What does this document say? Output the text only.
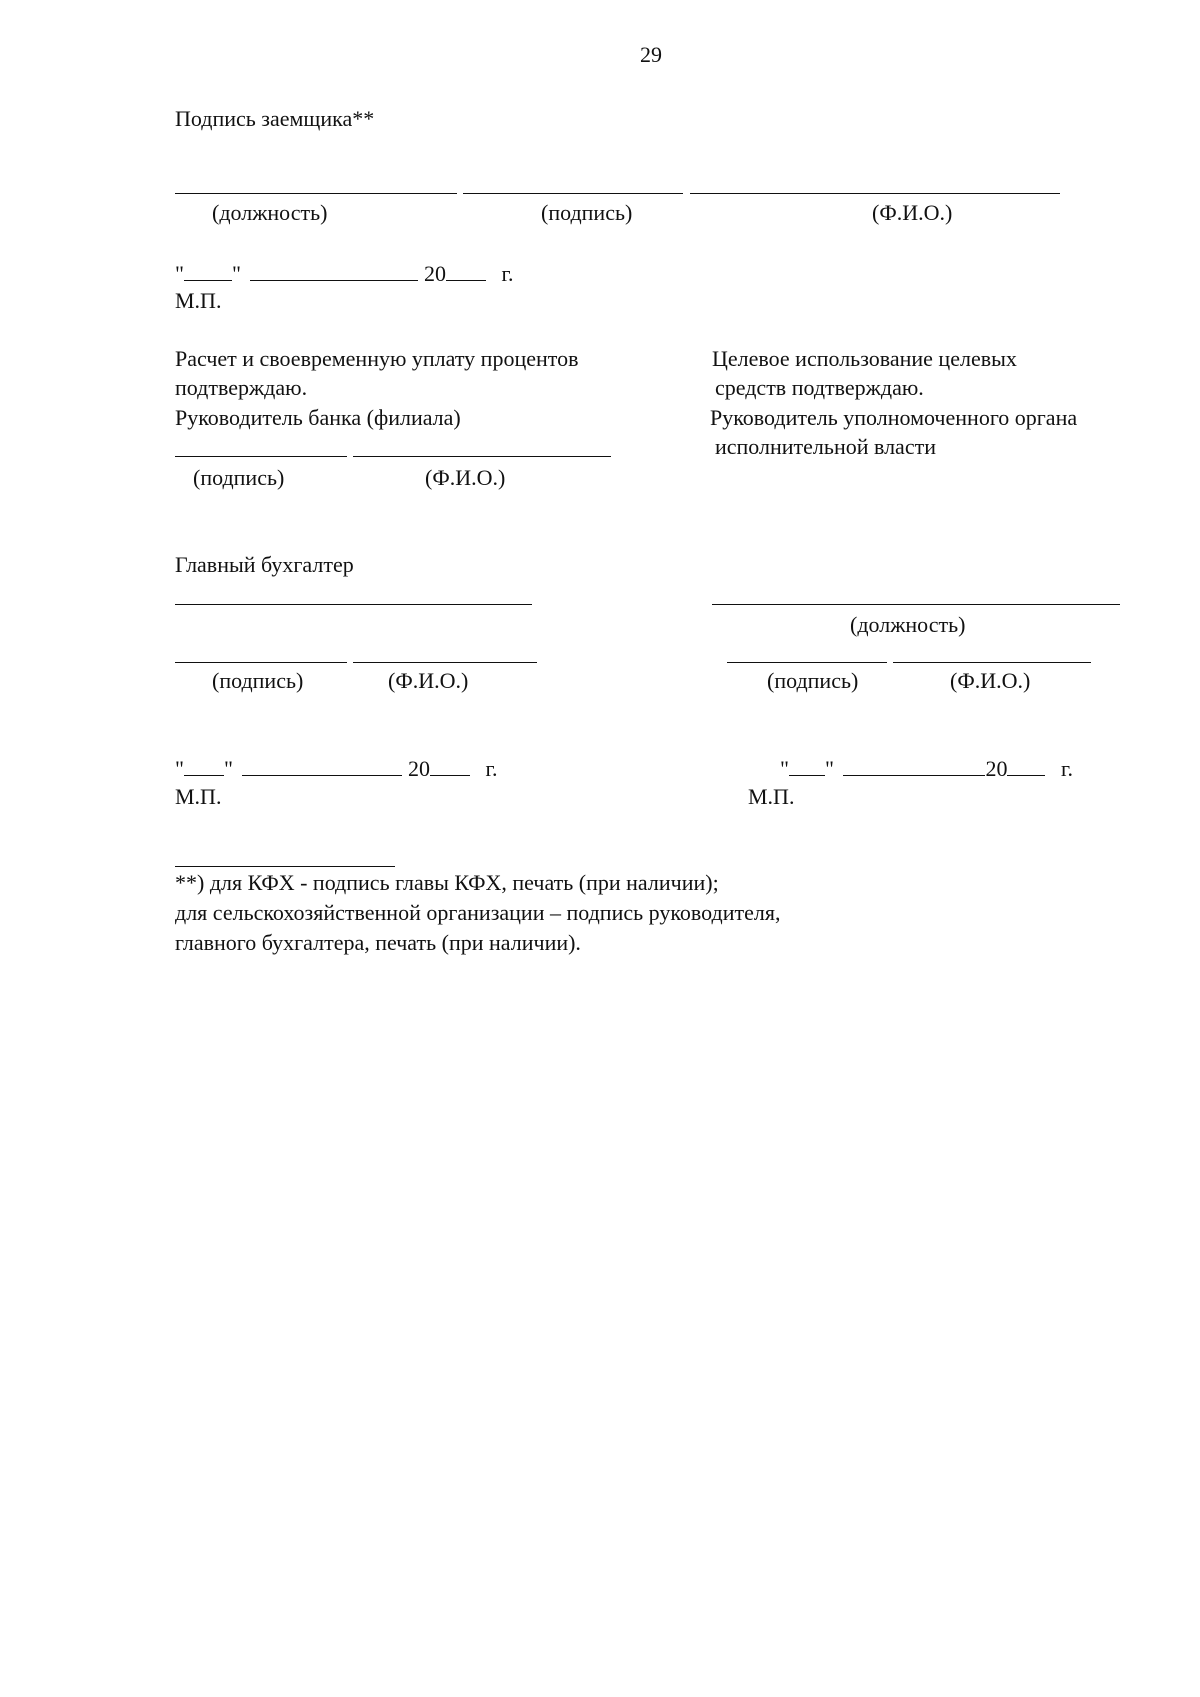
29
Подпись заемщика**
(должность)	(подпись)	(Ф.И.О.)
" "	20	г.
М.П.
Расчет и своевременную уплату процентов
подтверждаю.
Руководитель банка (филиала)
(подпись)	(Ф.И.О.)
Целевое использование целевых
средств подтверждаю.
Руководитель уполномоченного органа
исполнительной власти
Главный бухгалтер
(подпись)	(Ф.И.О.)
" "	20	г.
М.П.
(должность)
(подпись)	(Ф.И.О.)
" "	20 г.
М.П.
**) для КФХ - подпись главы КФХ, печать (при наличии);
для сельскохозяйственной организации – подпись руководителя,
главного бухгалтера, печать (при наличии).
